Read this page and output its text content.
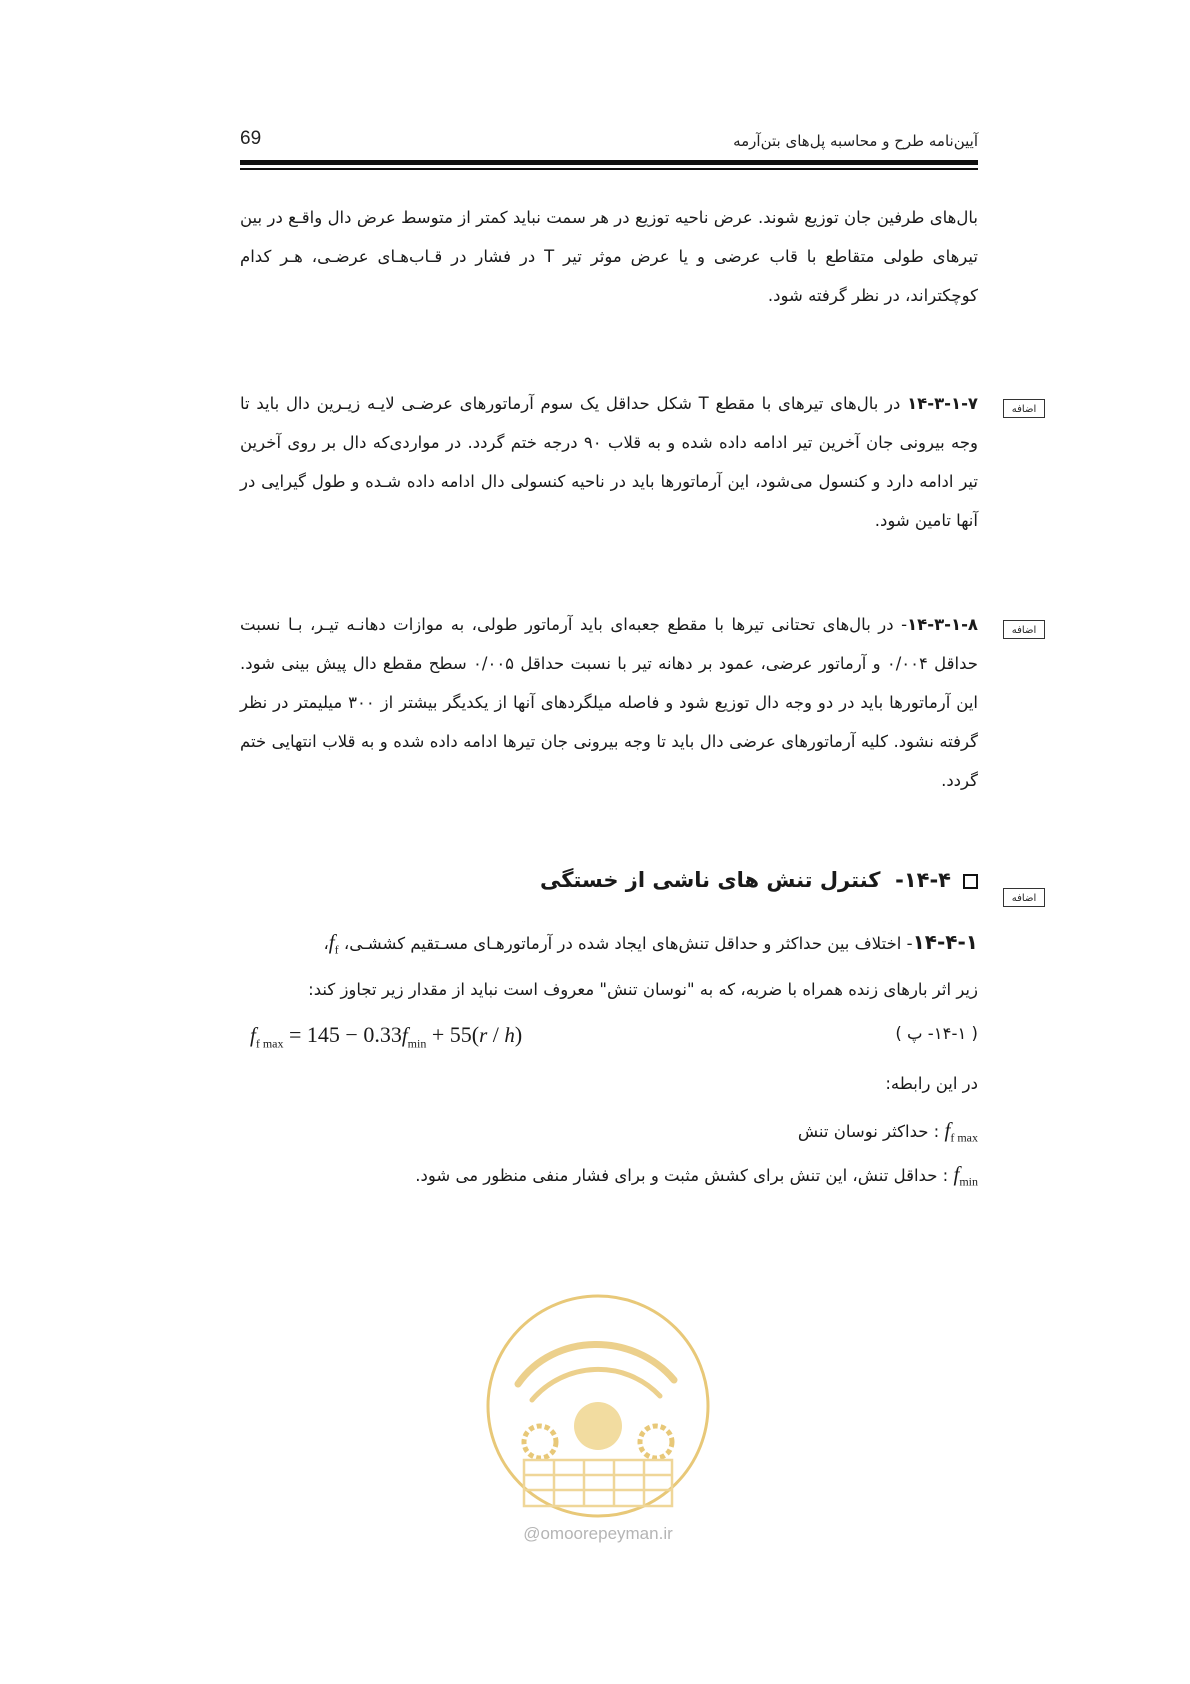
69	آیین‌نامه طرح و محاسبه پل‌های بتن‌آرمه

بال‌های طرفین جان توزیع شوند. عرض ناحیه توزیع در هر سمت نباید کمتر از متوسط عرض دال واقـع در بین تیرهای طولی متقاطع با قاب عرضی و یا عرض موثر تیر T در فشار در قـاب‌هـای عرضـی، هـر کدام کوچکتراند، در نظر گرفته شود.

اضافه

۱۴-۳-۱-۷ در بال‌های تیرهای با مقطع T شکل حداقل یک سوم آرماتورهای عرضـی لایـه زیـرین دال باید تا وجه بیرونی جان آخرین تیر ادامه داده شده و به قلاب ۹۰ درجه ختم گردد. در مواردی‌که دال بر روی آخرین تیر ادامه دارد و کنسول می‌شود، این آرماتورها باید در ناحیه کنسولی دال ادامه داده شـده و طول گیرایی در آنها تامین شود.

اضافه

۱۴-۳-۱-۸- در بال‌های تحتانی تیرها با مقطع جعبه‌ای باید آرماتور طولی، به موازات دهانـه تیـر، بـا نسبت حداقل ۰/۰۰۴ و آرماتور عرضی، عمود بر دهانه تیر با نسبت حداقل ۰/۰۰۵ سطح مقطع دال پیش بینی شود. این آرماتورها باید در دو وجه دال توزیع شود و فاصله میلگردهای آنها از یکدیگر بیشتر از ۳۰۰ میلیمتر در نظر گرفته نشود. کلیه آرماتورهای عرضی دال باید تا وجه بیرونی جان تیرها ادامه داده شده و به قلاب انتهایی ختم گردد.

اضافه
۱۴-۴-  کنترل تنش های ناشی از خستگی
۱۴-۴-۱- اختلاف بین حداکثر و حداقل تنش‌های ایجاد شده در آرماتورهـای مسـتقیم کششـی، $f_f،$
زیر اثر بارهای زنده همراه با ضربه، که به "نوسان تنش" معروف است نباید از مقدار زیر تجاوز کند:
$f_{f max} = 145 - 0.33f_{min} + 55(r / h)$	( ۱۴-۱- پ )
در این رابطه:
$f_{f max}$ : حداکثر نوسان تنش
$f_{min}$ : حداقل تنش، این تنش برای کشش مثبت و برای فشار منفی منظور می شود.
@omoorepeyman.ir
